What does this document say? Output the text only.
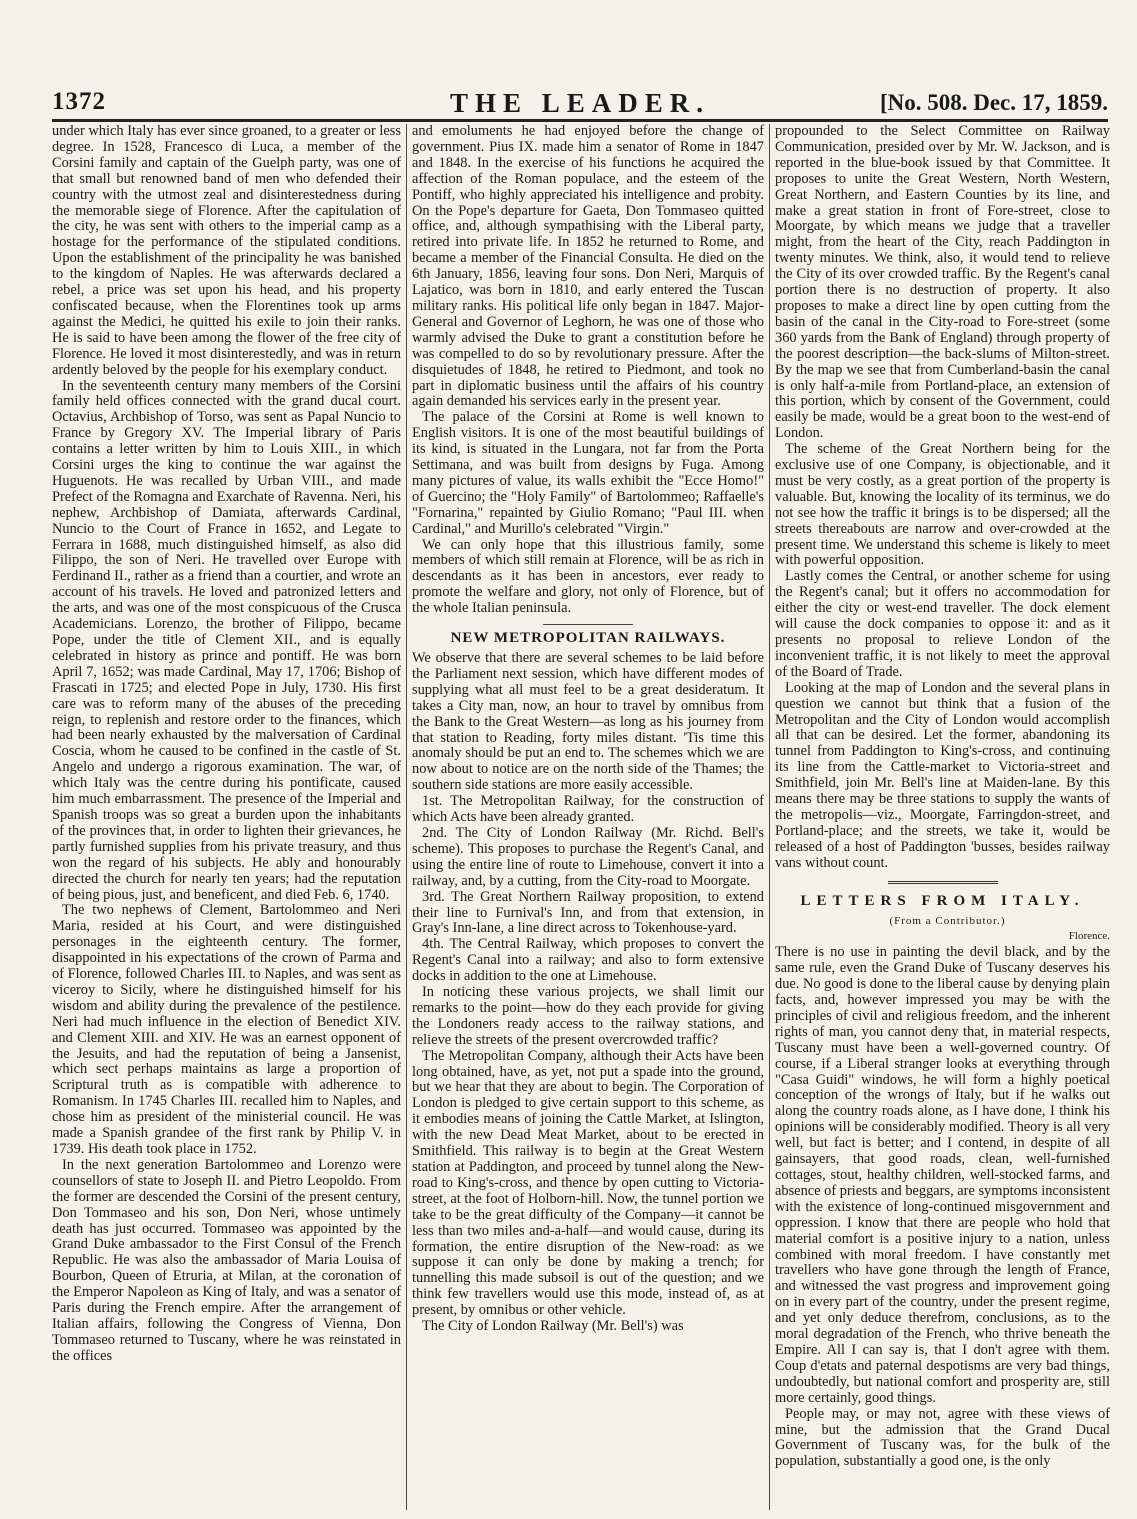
1372	THE LEADER.	[No. 508. Dec. 17, 1859.

under which Italy has ever since groaned, to a greater or less degree. In 1528, Francesco di Luca, a member of the Corsini family and captain of the Guelph party, was one of that small but renowned band of men who defended their country with the utmost zeal and disinterestedness during the memorable siege of Florence. After the capitulation of the city, he was sent with others to the imperial camp as a hostage for the performance of the stipulated conditions. Upon the establishment of the principality he was banished to the kingdom of Naples. He was afterwards declared a rebel, a price was set upon his head, and his property confiscated because, when the Florentines took up arms against the Medici, he quitted his exile to join their ranks. He is said to have been among the flower of the free city of Florence. He loved it most disinterestedly, and was in return ardently beloved by the people for his exemplary conduct.

In the seventeenth century many members of the Corsini family held offices connected with the grand ducal court. Octavius, Archbishop of Torso, was sent as Papal Nuncio to France by Gregory XV. The Imperial library of Paris contains a letter written by him to Louis XIII., in which Corsini urges the king to continue the war against the Huguenots. He was recalled by Urban VIII., and made Prefect of the Romagna and Exarchate of Ravenna. Neri, his nephew, Archbishop of Damiata, afterwards Cardinal, Nuncio to the Court of France in 1652, and Legate to Ferrara in 1688, much distinguished himself, as also did Filippo, the son of Neri. He travelled over Europe with Ferdinand II., rather as a friend than a courtier, and wrote an account of his travels. He loved and patronized letters and the arts, and was one of the most conspicuous of the Crusca Academicians. Lorenzo, the brother of Filippo, became Pope, under the title of Clement XII., and is equally celebrated in history as prince and pontiff. He was born April 7, 1652; was made Cardinal, May 17, 1706; Bishop of Frascati in 1725; and elected Pope in July, 1730. His first care was to reform many of the abuses of the preceding reign, to replenish and restore order to the finances, which had been nearly exhausted by the malversation of Cardinal Coscia, whom he caused to be confined in the castle of St. Angelo and undergo a rigorous examination. The war, of which Italy was the centre during his pontificate, caused him much embarrassment. The presence of the Imperial and Spanish troops was so great a burden upon the inhabitants of the provinces that, in order to lighten their grievances, he partly furnished supplies from his private treasury, and thus won the regard of his subjects. He ably and honourably directed the church for nearly ten years; had the reputation of being pious, just, and beneficent, and died Feb. 6, 1740.

The two nephews of Clement, Bartolommeo and Neri Maria, resided at his Court, and were distinguished personages in the eighteenth century. The former, disappointed in his expectations of the crown of Parma and of Florence, followed Charles III. to Naples, and was sent as viceroy to Sicily, where he distinguished himself for his wisdom and ability during the prevalence of the pestilence. Neri had much influence in the election of Benedict XIV. and Clement XIII. and XIV. He was an earnest opponent of the Jesuits, and had the reputation of being a Jansenist, which sect perhaps maintains as large a proportion of Scriptural truth as is compatible with adherence to Romanism. In 1745 Charles III. recalled him to Naples, and chose him as president of the ministerial council. He was made a Spanish grandee of the first rank by Philip V. in 1739. His death took place in 1752.

In the next generation Bartolommeo and Lorenzo were counsellors of state to Joseph II. and Pietro Leopoldo. From the former are descended the Corsini of the present century, Don Tommaseo and his son, Don Neri, whose untimely death has just occurred. Tommaseo was appointed by the Grand Duke ambassador to the First Consul of the French Republic. He was also the ambassador of Maria Louisa of Bourbon, Queen of Etruria, at Milan, at the coronation of the Emperor Napoleon as King of Italy, and was a senator of Paris during the French empire. After the arrangement of Italian affairs, following the Congress of Vienna, Don Tommaseo returned to Tuscany, where he was reinstated in the offices

and emoluments he had enjoyed before the change of government. Pius IX. made him a senator of Rome in 1847 and 1848. In the exercise of his functions he acquired the affection of the Roman populace, and the esteem of the Pontiff, who highly appreciated his intelligence and probity. On the Pope's departure for Gaeta, Don Tommaseo quitted office, and, although sympathising with the Liberal party, retired into private life. In 1852 he returned to Rome, and became a member of the Financial Consulta. He died on the 6th January, 1856, leaving four sons. Don Neri, Marquis of Lajatico, was born in 1810, and early entered the Tuscan military ranks. His political life only began in 1847. Major-General and Governor of Leghorn, he was one of those who warmly advised the Duke to grant a constitution before he was compelled to do so by revolutionary pressure. After the disquietudes of 1848, he retired to Piedmont, and took no part in diplomatic business until the affairs of his country again demanded his services early in the present year.

The palace of the Corsini at Rome is well known to English visitors. It is one of the most beautiful buildings of its kind, is situated in the Lungara, not far from the Porta Settimana, and was built from designs by Fuga. Among many pictures of value, its walls exhibit the "Ecce Homo!" of Guercino; the "Holy Family" of Bartolommeo; Raffaelle's "Fornarina," repainted by Giulio Romano; "Paul III. when Cardinal," and Murillo's celebrated "Virgin."

We can only hope that this illustrious family, some members of which still remain at Florence, will be as rich in descendants as it has been in ancestors, ever ready to promote the welfare and glory, not only of Florence, but of the whole Italian peninsula.

NEW METROPOLITAN RAILWAYS.

We observe that there are several schemes to be laid before the Parliament next session, which have different modes of supplying what all must feel to be a great desideratum. It takes a City man, now, an hour to travel by omnibus from the Bank to the Great Western—as long as his journey from that station to Reading, forty miles distant. 'Tis time this anomaly should be put an end to. The schemes which we are now about to notice are on the north side of the Thames; the southern side stations are more easily accessible.

1st. The Metropolitan Railway, for the construction of which Acts have been already granted.

2nd. The City of London Railway (Mr. Richd. Bell's scheme). This proposes to purchase the Regent's Canal, and using the entire line of route to Limehouse, convert it into a railway, and, by a cutting, from the City-road to Moorgate.

3rd. The Great Northern Railway proposition, to extend their line to Furnival's Inn, and from that extension, in Gray's Inn-lane, a line direct across to Tokenhouse-yard.

4th. The Central Railway, which proposes to convert the Regent's Canal into a railway; and also to form extensive docks in addition to the one at Limehouse.

In noticing these various projects, we shall limit our remarks to the point—how do they each provide for giving the Londoners ready access to the railway stations, and relieve the streets of the present overcrowded traffic?

The Metropolitan Company, although their Acts have been long obtained, have, as yet, not put a spade into the ground, but we hear that they are about to begin. The Corporation of London is pledged to give certain support to this scheme, as it embodies means of joining the Cattle Market, at Islington, with the new Dead Meat Market, about to be erected in Smithfield. This railway is to begin at the Great Western station at Paddington, and proceed by tunnel along the New-road to King's-cross, and thence by open cutting to Victoria-street, at the foot of Holborn-hill. Now, the tunnel portion we take to be the great difficulty of the Company—it cannot be less than two miles and-a-half—and would cause, during its formation, the entire disruption of the New-road: as we suppose it can only be done by making a trench; for tunnelling this made subsoil is out of the question; and we think few travellers would use this mode, instead of, as at present, by omnibus or other vehicle.

The City of London Railway (Mr. Bell's) was

propounded to the Select Committee on Railway Communication, presided over by Mr. W. Jackson, and is reported in the blue-book issued by that Committee. It proposes to unite the Great Western, North Western, Great Northern, and Eastern Counties by its line, and make a great station in front of Fore-street, close to Moorgate, by which means we judge that a traveller might, from the heart of the City, reach Paddington in twenty minutes. We think, also, it would tend to relieve the City of its over crowded traffic. By the Regent's canal portion there is no destruction of property. It also proposes to make a direct line by open cutting from the basin of the canal in the City-road to Fore-street (some 360 yards from the Bank of England) through property of the poorest description—the back-slums of Milton-street. By the map we see that from Cumberland-basin the canal is only half-a-mile from Portland-place, an extension of this portion, which by consent of the Government, could easily be made, would be a great boon to the west-end of London.

The scheme of the Great Northern being for the exclusive use of one Company, is objectionable, and it must be very costly, as a great portion of the property is valuable. But, knowing the locality of its terminus, we do not see how the traffic it brings is to be dispersed; all the streets thereabouts are narrow and over-crowded at the present time. We understand this scheme is likely to meet with powerful opposition.

Lastly comes the Central, or another scheme for using the Regent's canal; but it offers no accommodation for either the city or west-end traveller. The dock element will cause the dock companies to oppose it: and as it presents no proposal to relieve London of the inconvenient traffic, it is not likely to meet the approval of the Board of Trade.

Looking at the map of London and the several plans in question we cannot but think that a fusion of the Metropolitan and the City of London would accomplish all that can be desired. Let the former, abandoning its tunnel from Paddington to King's-cross, and continuing its line from the Cattle-market to Victoria-street and Smithfield, join Mr. Bell's line at Maiden-lane. By this means there may be three stations to supply the wants of the metropolis—viz., Moorgate, Farringdon-street, and Portland-place; and the streets, we take it, would be released of a host of Paddington 'busses, besides railway vans without count.

LETTERS FROM ITALY.

(From a Contributor.)

Florence.

There is no use in painting the devil black, and by the same rule, even the Grand Duke of Tuscany deserves his due. No good is done to the liberal cause by denying plain facts, and, however impressed you may be with the principles of civil and religious freedom, and the inherent rights of man, you cannot deny that, in material respects, Tuscany must have been a well-governed country. Of course, if a Liberal stranger looks at everything through "Casa Guidi" windows, he will form a highly poetical conception of the wrongs of Italy, but if he walks out along the country roads alone, as I have done, I think his opinions will be considerably modified. Theory is all very well, but fact is better; and I contend, in despite of all gainsayers, that good roads, clean, well-furnished cottages, stout, healthy children, well-stocked farms, and absence of priests and beggars, are symptoms inconsistent with the existence of long-continued misgovernment and oppression. I know that there are people who hold that material comfort is a positive injury to a nation, unless combined with moral freedom. I have constantly met travellers who have gone through the length of France, and witnessed the vast progress and improvement going on in every part of the country, under the present regime, and yet only deduce therefrom, conclusions, as to the moral degradation of the French, who thrive beneath the Empire. All I can say is, that I don't agree with them. Coup d'etats and paternal despotisms are very bad things, undoubtedly, but national comfort and prosperity are, still more certainly, good things.

People may, or may not, agree with these views of mine, but the admission that the Grand Ducal Government of Tuscany was, for the bulk of the population, substantially a good one, is the only
